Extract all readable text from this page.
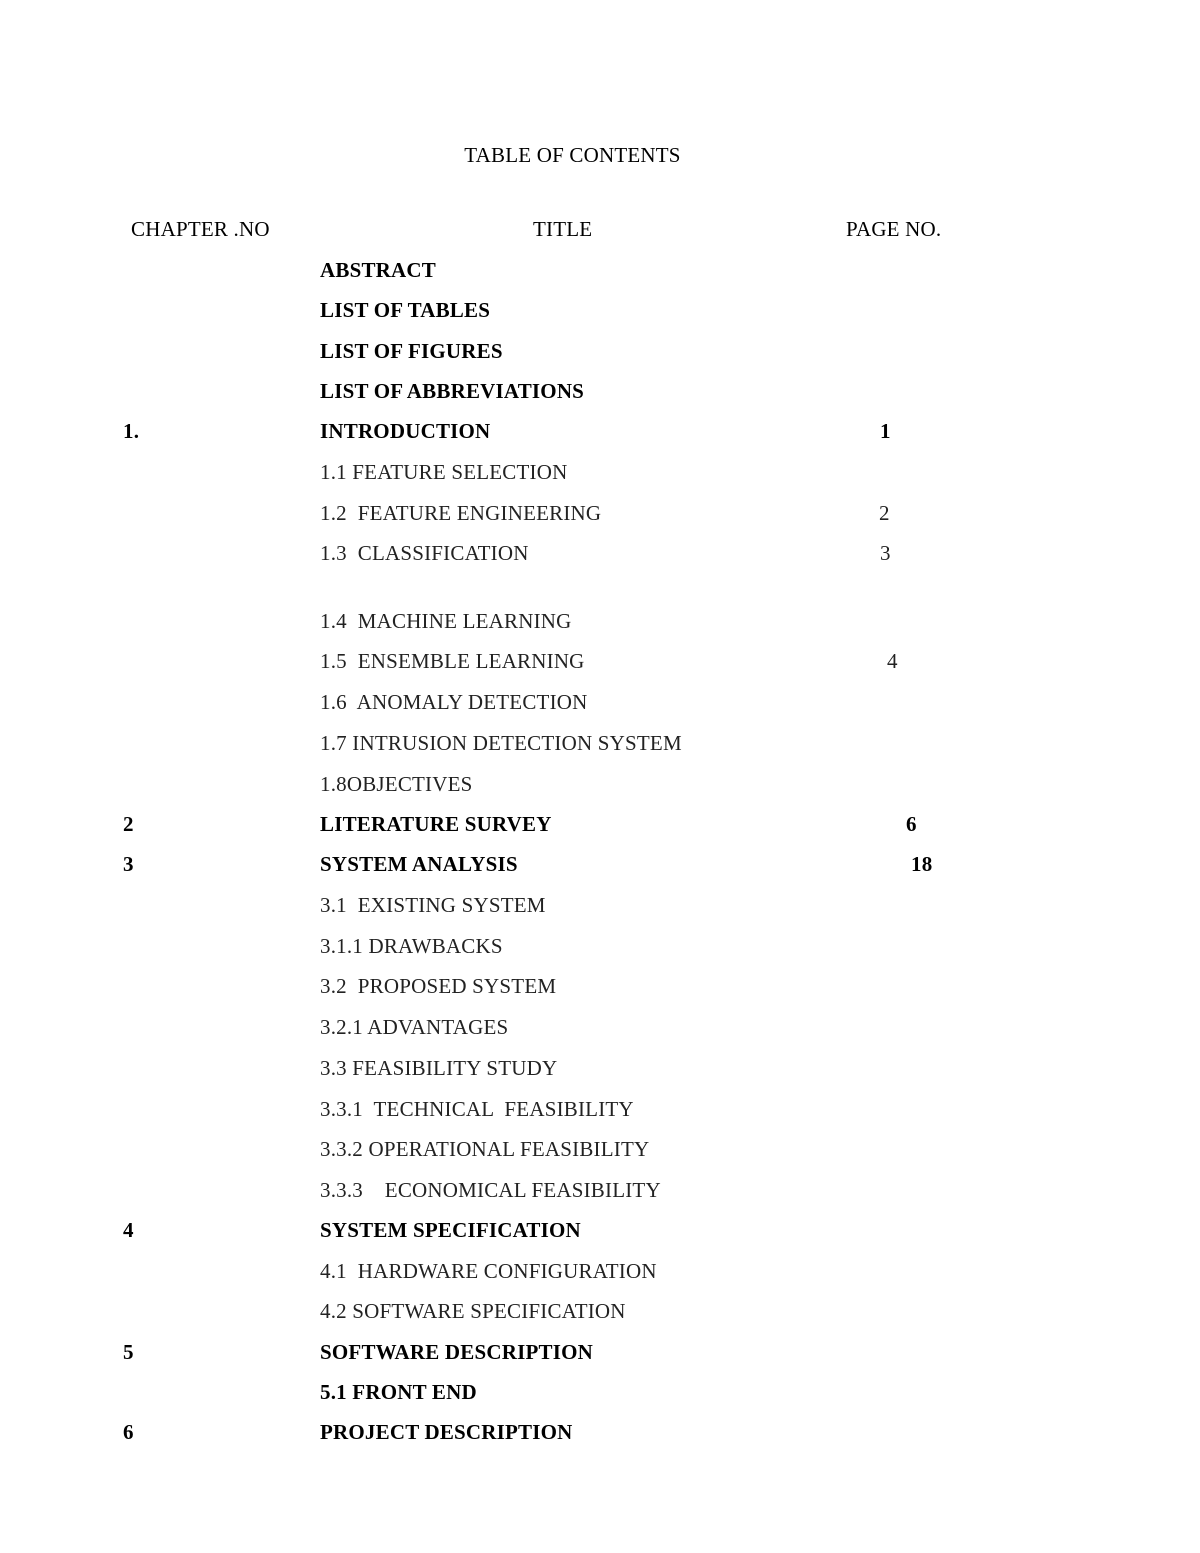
TABLE OF CONTENTS
CHAPTER .NO	TITLE	PAGE NO.
ABSTRACT
LIST OF TABLES
LIST OF FIGURES
LIST OF ABBREVIATIONS
1.	INTRODUCTION	1
1.1 FEATURE SELECTION
1.2  FEATURE ENGINEERING	2
1.3  CLASSIFICATION	3
1.4  MACHINE LEARNING
1.5  ENSEMBLE LEARNING	4
1.6  ANOMALY DETECTION
1.7 INTRUSION DETECTION SYSTEM
1.8OBJECTIVES
2	LITERATURE SURVEY	6
3	SYSTEM ANALYSIS	18
3.1  EXISTING SYSTEM
3.1.1 DRAWBACKS
3.2  PROPOSED SYSTEM
3.2.1 ADVANTAGES
3.3 FEASIBILITY STUDY
3.3.1  TECHNICAL  FEASIBILITY
3.3.2 OPERATIONAL FEASIBILITY
3.3.3    ECONOMICAL FEASIBILITY
4	SYSTEM SPECIFICATION
4.1  HARDWARE CONFIGURATION
4.2 SOFTWARE SPECIFICATION
5	SOFTWARE DESCRIPTION
5.1 FRONT END
6	PROJECT DESCRIPTION
